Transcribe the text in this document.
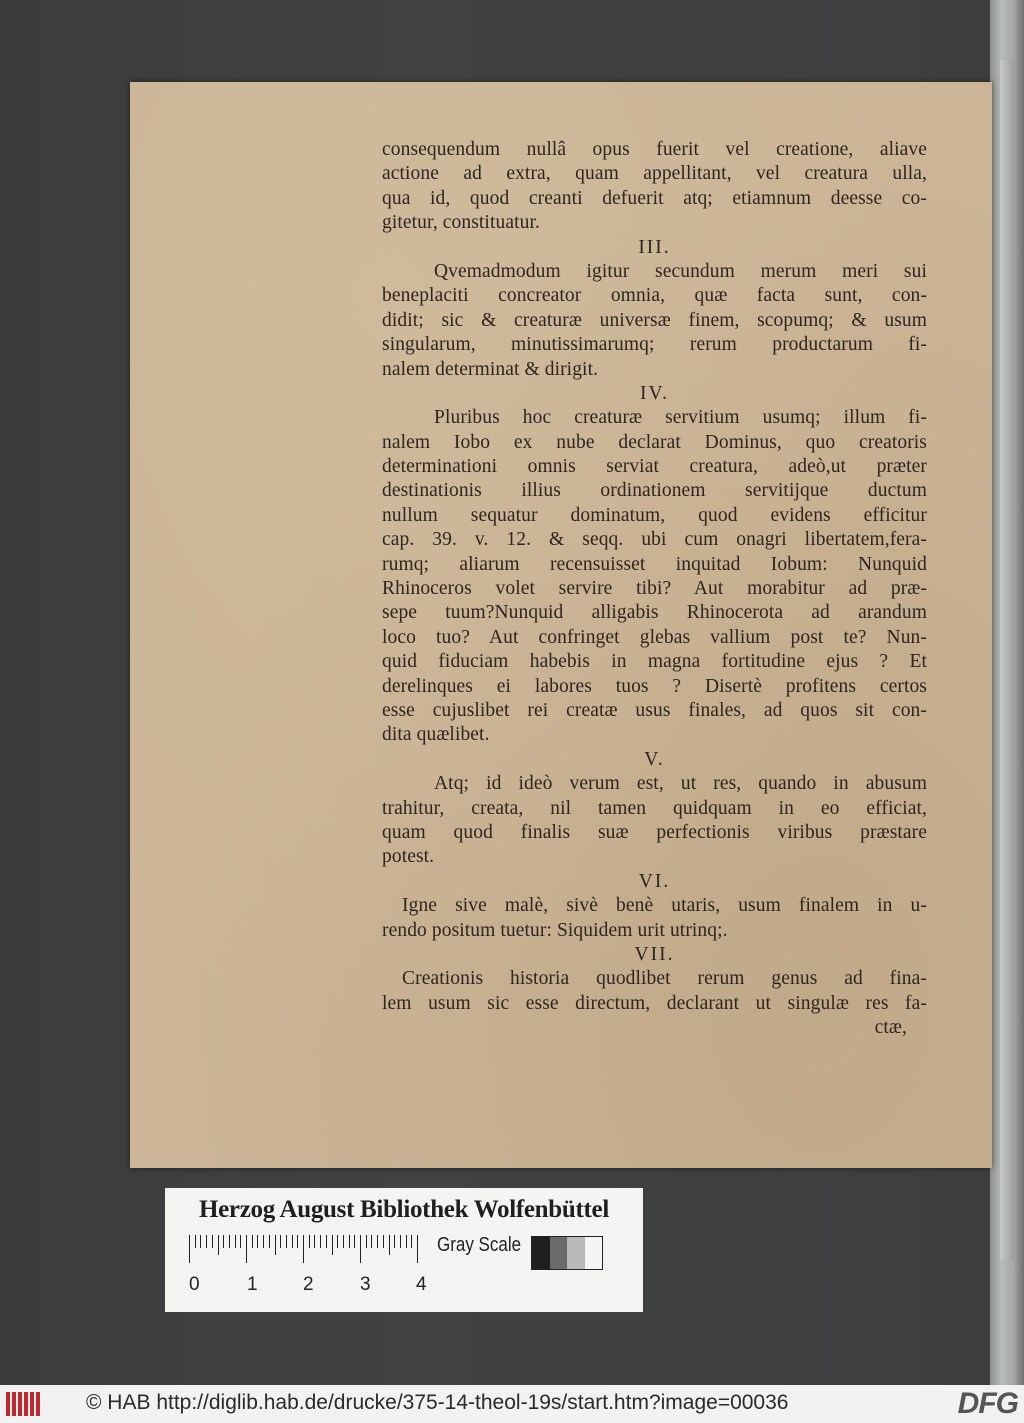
consequendum nullâ opus fuerit vel creatione, aliave
actione ad extra, quam appellitant, vel creatura ulla,
qua id, quod creanti defuerit atq; etiamnum deesse co-
gitetur, constituatur.
III.
Qvemadmodum igitur secundum merum meri sui
beneplaciti concreator omnia, quæ facta sunt, con-
didit; sic & creaturæ universæ finem, scopumq; & usum
singularum, minutissimarumq; rerum productarum fi-
nalem determinat & dirigit.
IV.
Pluribus hoc creaturæ servitium usumq; illum fi-
nalem Iobo ex nube declarat Dominus, quo creatoris
determinationi omnis serviat creatura, adeò,ut præter
destinationis illius ordinationem servitijque ductum
nullum sequatur dominatum, quod evidens efficitur
cap. 39. v. 12. & seqq. ubi cum onagri libertatem,fera-
rumq; aliarum recensuisset inquitad Iobum: Nunquid
Rhinoceros volet servire tibi? Aut morabitur ad præ-
sepe tuum?Nunquid alligabis Rhinocerota ad arandum
loco tuo? Aut confringet glebas vallium post te? Nun-
quid fiduciam habebis in magna fortitudine ejus ? Et
derelinques ei labores tuos ? Disertè profitens certos
esse cujuslibet rei creatæ usus finales, ad quos sit con-
dita quælibet.
V.
Atq; id ideò verum est, ut res, quando in abusum
trahitur, creata, nil tamen quidquam in eo efficiat,
quam quod finalis suæ perfectionis viribus præstare
potest.
VI.
Igne sive malè, sivè benè utaris, usum finalem in u-
rendo positum tuetur: Siquidem urit utrinq;.
VII.
Creationis historia quodlibet rerum genus ad fina-
lem usum sic esse directum, declarant ut singulæ res fa-
ctæ,
Herzog August Bibliothek Wolfenbüttel
0 1 2 3 4
Gray Scale
© HAB http://diglib.hab.de/drucke/375-14-theol-19s/start.htm?image=00036	DFG
